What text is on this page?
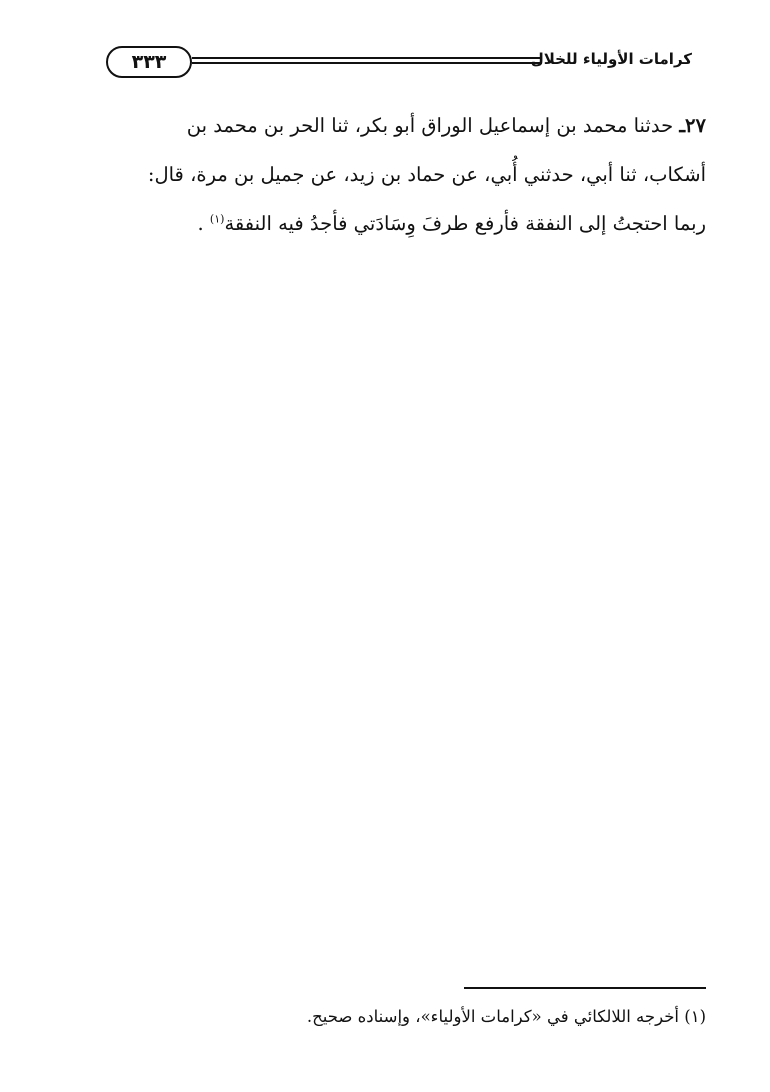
٣٣٣	كرامات الأولياء للخلال

٢٧ـ حدثنا محمد بن إسماعيل الوراق أبو بكر، ثنا الحر بن محمد بن

أشكاب، ثنا أبي، حدثني أُبي، عن حماد بن زيد، عن جميل بن مرة، قال:

ربما احتجتُ إلى النفقة فأرفع طرفَ وِسَادَتي فأجدُ فيه النفقة$^{(١)}$ .

(١) أخرجه اللالكائي في «كرامات الأولياء»، وإسناده صحيح.
